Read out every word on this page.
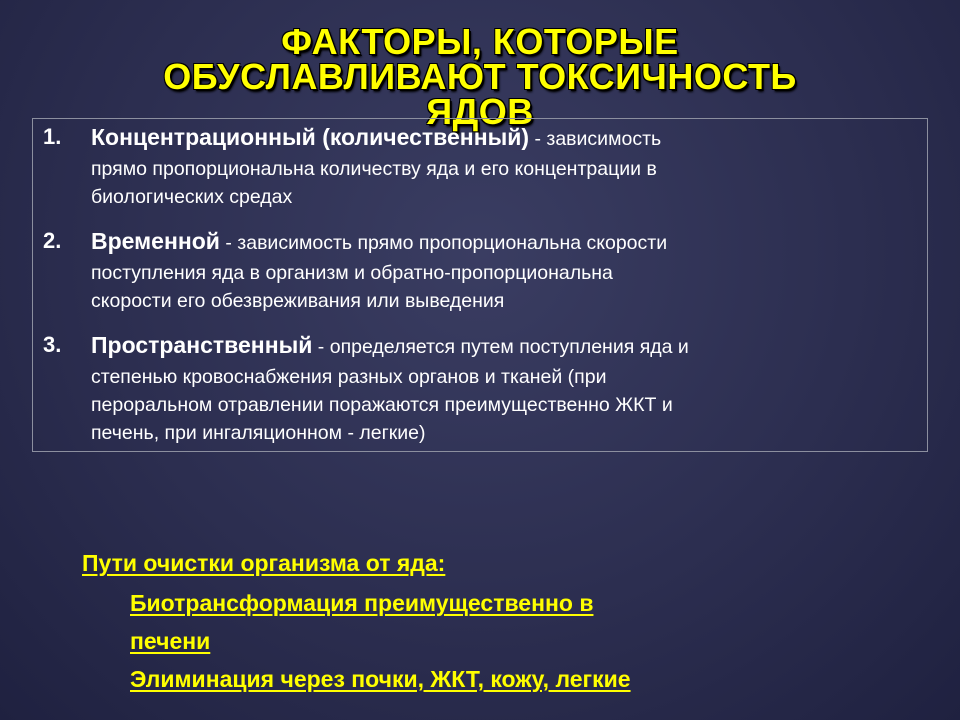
ФАКТОРЫ, КОТОРЫЕ
ОБУСЛАВЛИВАЮТ ТОКСИЧНОСТЬ
ЯДОВ
1. Концентрационный (количественный) - зависимость
прямо пропорциональна количеству яда и его концентрации в
биологических средах
2. Временной - зависимость прямо пропорциональна скорости
поступления яда в организм и обратно-пропорциональна
скорости его обезвреживания или выведения
3. Пространственный - определяется путем поступления яда и
степенью кровоснабжения разных органов и тканей (при
пероральном отравлении поражаются преимущественно ЖКТ и
печень, при ингаляционном - легкие)
Пути очистки организма от яда:
Биотрансформация преимущественно в
печени
Элиминация через почки, ЖКТ, кожу, легкие
